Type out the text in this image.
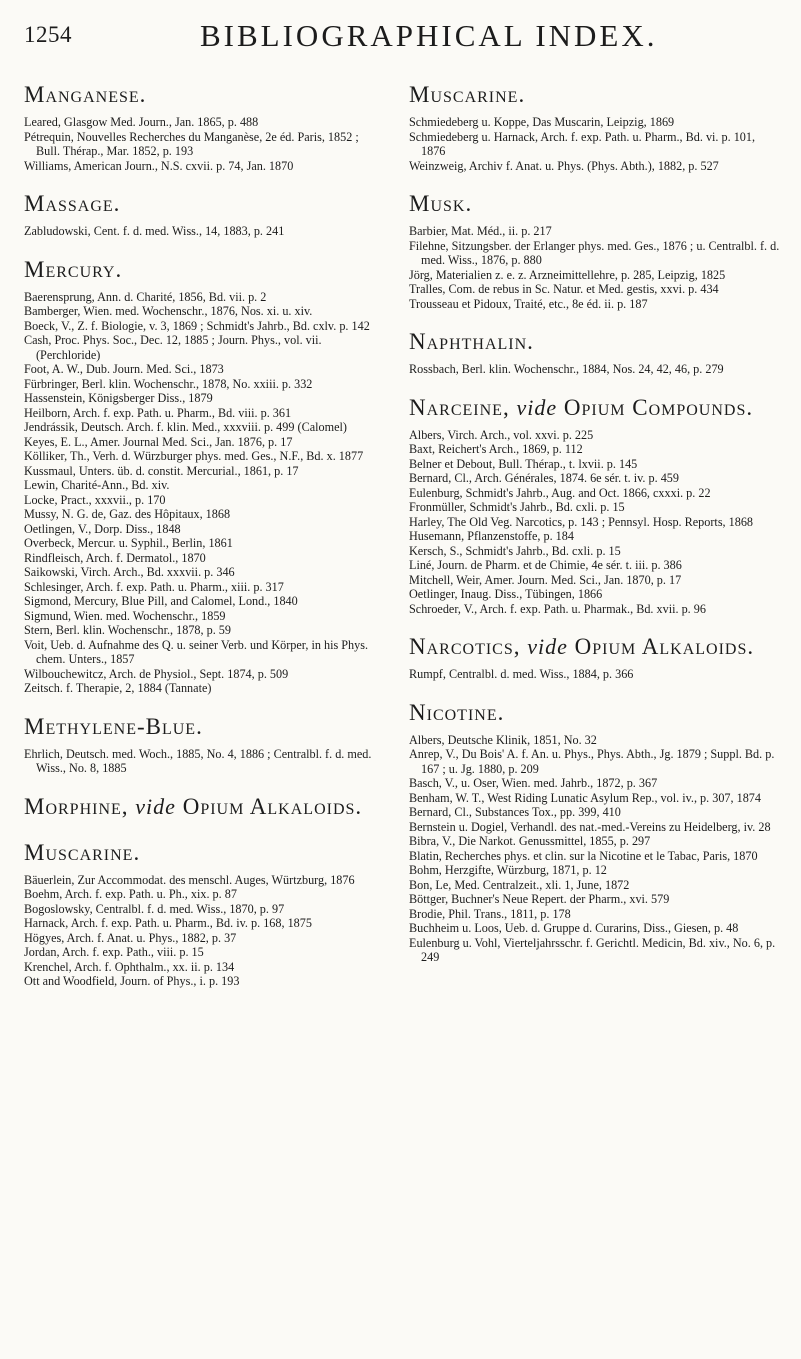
1254	BIBLIOGRAPHICAL INDEX.
Manganese.

Leared, Glasgow Med. Journ., Jan. 1865, p. 488

Pétrequin, Nouvelles Recherches du Manganèse, 2e éd. Paris, 1852 ; Bull. Thérap., Mar. 1852, p. 193

Williams, American Journ., N.S. cxvii. p. 74, Jan. 1870

Massage.

Zabludowski, Cent. f. d. med. Wiss., 14, 1883, p. 241

Mercury.

Baerensprung, Ann. d. Charité, 1856, Bd. vii. p. 2

Bamberger, Wien. med. Wochenschr., 1876, Nos. xi. u. xiv.

Boeck, V., Z. f. Biologie, v. 3, 1869 ; Schmidt's Jahrb., Bd. cxlv. p. 142

Cash, Proc. Phys. Soc., Dec. 12, 1885 ; Journ. Phys., vol. vii. (Perchloride)

Foot, A. W., Dub. Journ. Med. Sci., 1873

Fürbringer, Berl. klin. Wochenschr., 1878, No. xxiii. p. 332

Hassenstein, Königsberger Diss., 1879

Heilborn, Arch. f. exp. Path. u. Pharm., Bd. viii. p. 361

Jendrássik, Deutsch. Arch. f. klin. Med., xxxviii. p. 499 (Calomel)

Keyes, E. L., Amer. Journal Med. Sci., Jan. 1876, p. 17

Kölliker, Th., Verh. d. Würzburger phys. med. Ges., N.F., Bd. x. 1877

Kussmaul, Unters. üb. d. constit. Mercurial., 1861, p. 17

Lewin, Charité-Ann., Bd. xiv.

Locke, Pract., xxxvii., p. 170

Mussy, N. G. de, Gaz. des Hôpitaux, 1868

Oetlingen, V., Dorp. Diss., 1848

Overbeck, Mercur. u. Syphil., Berlin, 1861

Rindfleisch, Arch. f. Dermatol., 1870

Saikowski, Virch. Arch., Bd. xxxvii. p. 346

Schlesinger, Arch. f. exp. Path. u. Pharm., xiii. p. 317

Sigmond, Mercury, Blue Pill, and Calomel, Lond., 1840

Sigmund, Wien. med. Wochenschr., 1859

Stern, Berl. klin. Wochenschr., 1878, p. 59

Voit, Ueb. d. Aufnahme des Q. u. seiner Verb. und Körper, in his Phys. chem. Unters., 1857

Wilbouchewitcz, Arch. de Physiol., Sept. 1874, p. 509

Zeitsch. f. Therapie, 2, 1884 (Tannate)

Methylene-Blue.

Ehrlich, Deutsch. med. Woch., 1885, No. 4, 1886 ; Centralbl. f. d. med. Wiss., No. 8, 1885

Morphine, vide Opium Alkaloids.
Muscarine.

Bäuerlein, Zur Accommodat. des menschl. Auges, Würtzburg, 1876

Boehm, Arch. f. exp. Path. u. Ph., xix. p. 87

Bogoslowsky, Centralbl. f. d. med. Wiss., 1870, p. 97

Harnack, Arch. f. exp. Path. u. Pharm., Bd. iv. p. 168, 1875

Högyes, Arch. f. Anat. u. Phys., 1882, p. 37

Jordan, Arch. f. exp. Path., viii. p. 15

Krenchel, Arch. f. Ophthalm., xx. ii. p. 134

Ott and Woodfield, Journ. of Phys., i. p. 193

Muscarine.

Schmiedeberg u. Koppe, Das Muscarin, Leipzig, 1869

Schmiedeberg u. Harnack, Arch. f. exp. Path. u. Pharm., Bd. vi. p. 101, 1876

Weinzweig, Archiv f. Anat. u. Phys. (Phys. Abth.), 1882, p. 527

Musk.

Barbier, Mat. Méd., ii. p. 217

Filehne, Sitzungsber. der Erlanger phys. med. Ges., 1876 ; u. Centralbl. f. d. med. Wiss., 1876, p. 880

Jörg, Materialien z. e. z. Arzneimittellehre, p. 285, Leipzig, 1825

Tralles, Com. de rebus in Sc. Natur. et Med. gestis, xxvi. p. 434

Trousseau et Pidoux, Traité, etc., 8e éd. ii. p. 187

Naphthalin.

Rossbach, Berl. klin. Wochenschr., 1884, Nos. 24, 42, 46, p. 279

Narceine, vide Opium Compounds.

Albers, Virch. Arch., vol. xxvi. p. 225

Baxt, Reichert's Arch., 1869, p. 112

Belner et Debout, Bull. Thérap., t. lxvii. p. 145

Bernard, Cl., Arch. Générales, 1874. 6e sér. t. iv. p. 459

Eulenburg, Schmidt's Jahrb., Aug. and Oct. 1866, cxxxi. p. 22

Fronmüller, Schmidt's Jahrb., Bd. cxli. p. 15

Harley, The Old Veg. Narcotics, p. 143 ; Pennsyl. Hosp. Reports, 1868

Husemann, Pflanzenstoffe, p. 184

Kersch, S., Schmidt's Jahrb., Bd. cxli. p. 15

Liné, Journ. de Pharm. et de Chimie, 4e sér. t. iii. p. 386

Mitchell, Weir, Amer. Journ. Med. Sci., Jan. 1870, p. 17

Oetlinger, Inaug. Diss., Tübingen, 1866

Schroeder, V., Arch. f. exp. Path. u. Pharmak., Bd. xvii. p. 96

Narcotics, vide Opium Alkaloids.

Rumpf, Centralbl. d. med. Wiss., 1884, p. 366

Nicotine.

Albers, Deutsche Klinik, 1851, No. 32

Anrep, V., Du Bois' A. f. An. u. Phys., Phys. Abth., Jg. 1879 ; Suppl. Bd. p. 167 ; u. Jg. 1880, p. 209

Basch, V., u. Oser, Wien. med. Jahrb., 1872, p. 367

Benham, W. T., West Riding Lunatic Asylum Rep., vol. iv., p. 307, 1874

Bernard, Cl., Substances Tox., pp. 399, 410

Bernstein u. Dogiel, Verhandl. des nat.-med.-Vereins zu Heidelberg, iv. 28

Bibra, V., Die Narkot. Genussmittel, 1855, p. 297

Blatin, Recherches phys. et clin. sur la Nicotine et le Tabac, Paris, 1870

Bohm, Herzgifte, Würzburg, 1871, p. 12

Bon, Le, Med. Centralzeit., xli. 1, June, 1872

Böttger, Buchner's Neue Repert. der Pharm., xvi. 579

Brodie, Phil. Trans., 1811, p. 178

Buchheim u. Loos, Ueb. d. Gruppe d. Curarins, Diss., Giesen, p. 48

Eulenburg u. Vohl, Vierteljahrsschr. f. Gerichtl. Medicin, Bd. xiv., No. 6, p. 249
